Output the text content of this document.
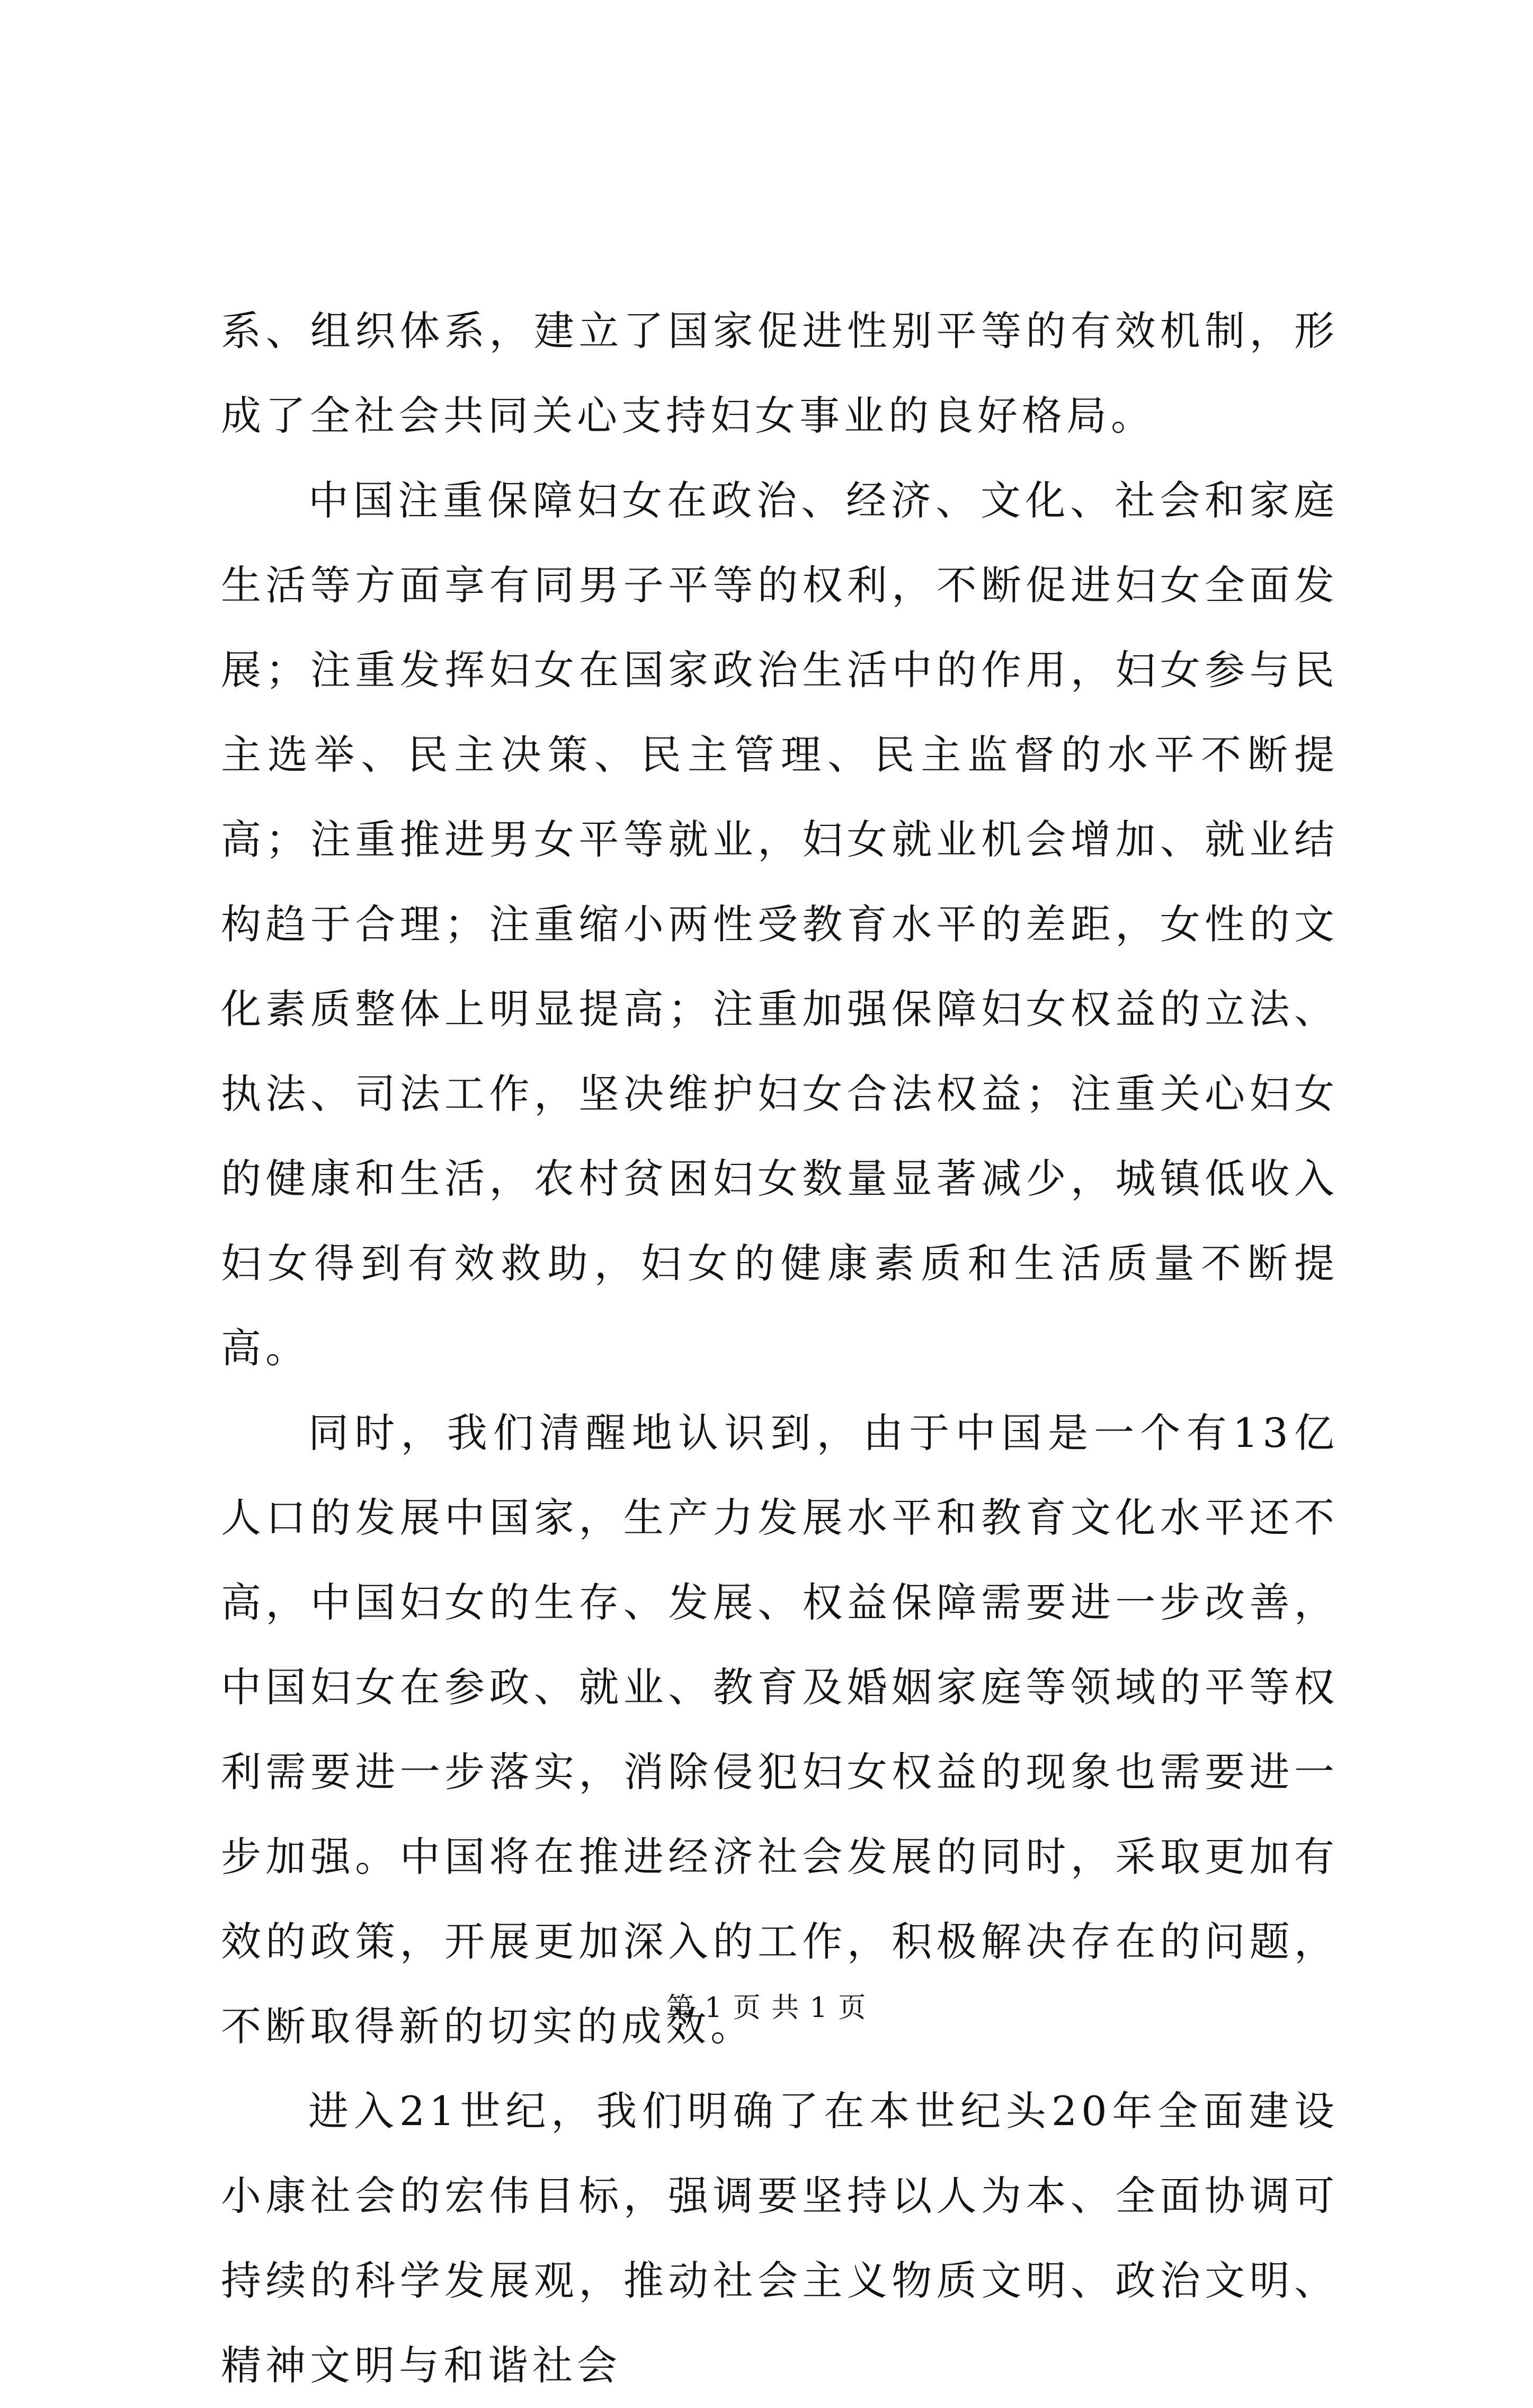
系、组织体系，建立了国家促进性别平等的有效机制，形成了全社会共同关心支持妇女事业的良好格局。

中国注重保障妇女在政治、经济、文化、社会和家庭生活等方面享有同男子平等的权利，不断促进妇女全面发展；注重发挥妇女在国家政治生活中的作用，妇女参与民主选举、民主决策、民主管理、民主监督的水平不断提高；注重推进男女平等就业，妇女就业机会增加、就业结构趋于合理；注重缩小两性受教育水平的差距，女性的文化素质整体上明显提高；注重加强保障妇女权益的立法、执法、司法工作，坚决维护妇女合法权益；注重关心妇女的健康和生活，农村贫困妇女数量显著减少，城镇低收入妇女得到有效救助，妇女的健康素质和生活质量不断提高。

同时，我们清醒地认识到，由于中国是一个有13亿人口的发展中国家，生产力发展水平和教育文化水平还不高，中国妇女的生存、发展、权益保障需要进一步改善，中国妇女在参政、就业、教育及婚姻家庭等领域的平等权利需要进一步落实，消除侵犯妇女权益的现象也需要进一步加强。中国将在推进经济社会发展的同时，采取更加有效的政策，开展更加深入的工作，积极解决存在的问题，不断取得新的切实的成效。

进入21世纪，我们明确了在本世纪头20年全面建设小康社会的宏伟目标，强调要坚持以人为本、全面协调可持续的科学发展观，推动社会主义物质文明、政治文明、精神文明与和谐社会

第 1 页 共 1 页
